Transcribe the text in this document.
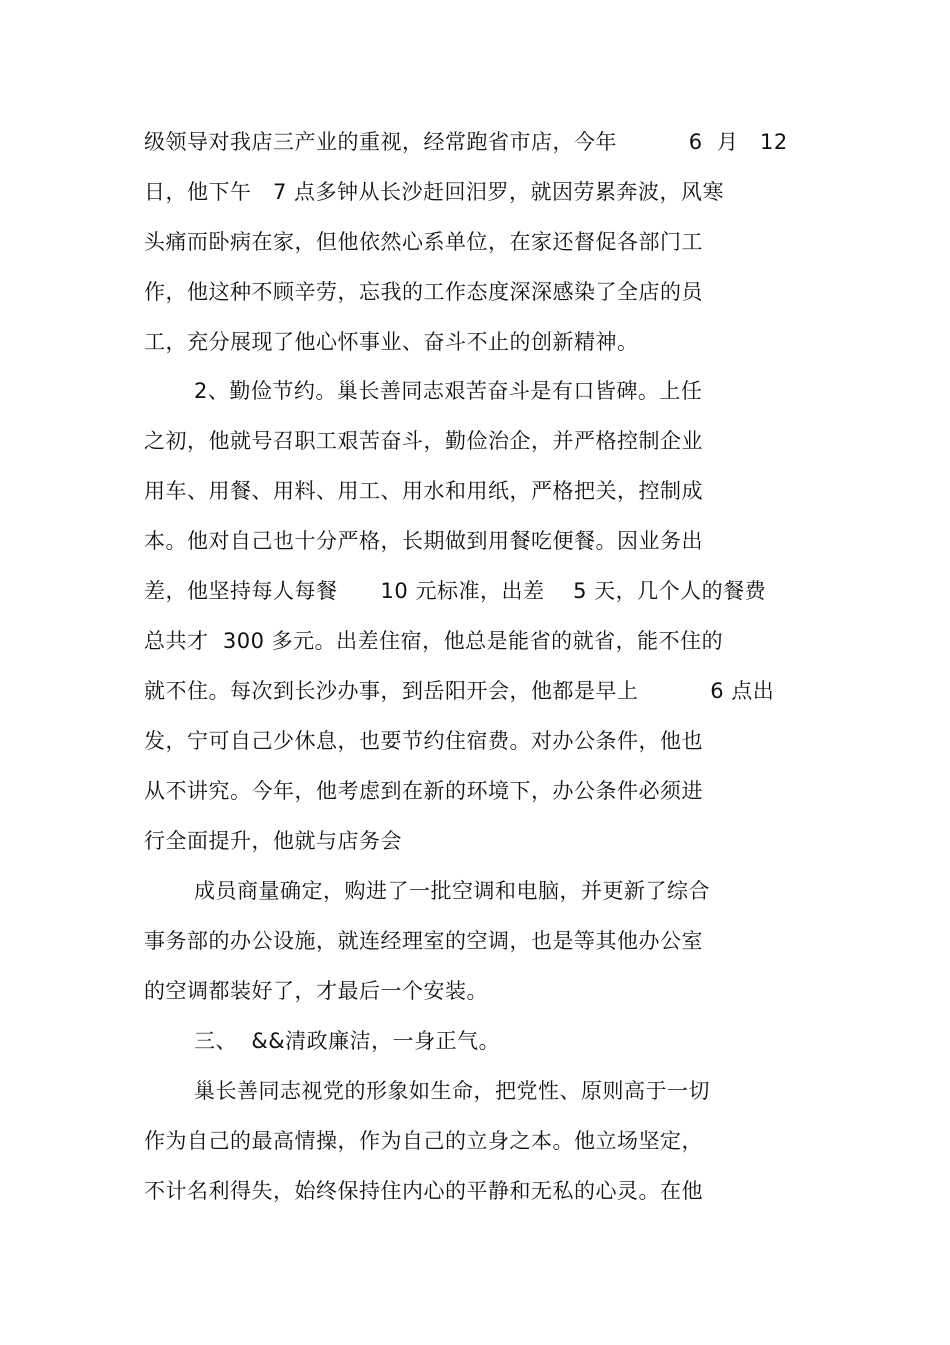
级领导对我店三产业的重视，经常跑省市店，今年          6  月   12
日，他下午   7 点多钟从长沙赶回汨罗，就因劳累奔波，风寒
头痛而卧病在家，但他依然心系单位，在家还督促各部门工
作，他这种不顾辛劳，忘我的工作态度深深感染了全店的员
工，充分展现了他心怀事业、奋斗不止的创新精神。
2、勤俭节约。巢长善同志艰苦奋斗是有口皆碑。上任
之初，他就号召职工艰苦奋斗，勤俭治企，并严格控制企业
用车、用餐、用料、用工、用水和用纸，严格把关，控制成
本。他对自己也十分严格，长期做到用餐吃便餐。因业务出
差，他坚持每人每餐      10 元标准，出差    5 天，几个人的餐费
总共才  300 多元。出差住宿，他总是能省的就省，能不住的
就不住。每次到长沙办事，到岳阳开会，他都是早上          6 点出
发，宁可自己少休息，也要节约住宿费。对办公条件，他也
从不讲究。今年，他考虑到在新的环境下，办公条件必须进
行全面提升，他就与店务会
成员商量确定，购进了一批空调和电脑，并更新了综合
事务部的办公设施，就连经理室的空调，也是等其他办公室
的空调都装好了，才最后一个安装。
三、  &&清政廉洁，一身正气。
巢长善同志视党的形象如生命，把党性、原则高于一切
作为自己的最高情操，作为自己的立身之本。他立场坚定，
不计名利得失，始终保持住内心的平静和无私的心灵。在他
